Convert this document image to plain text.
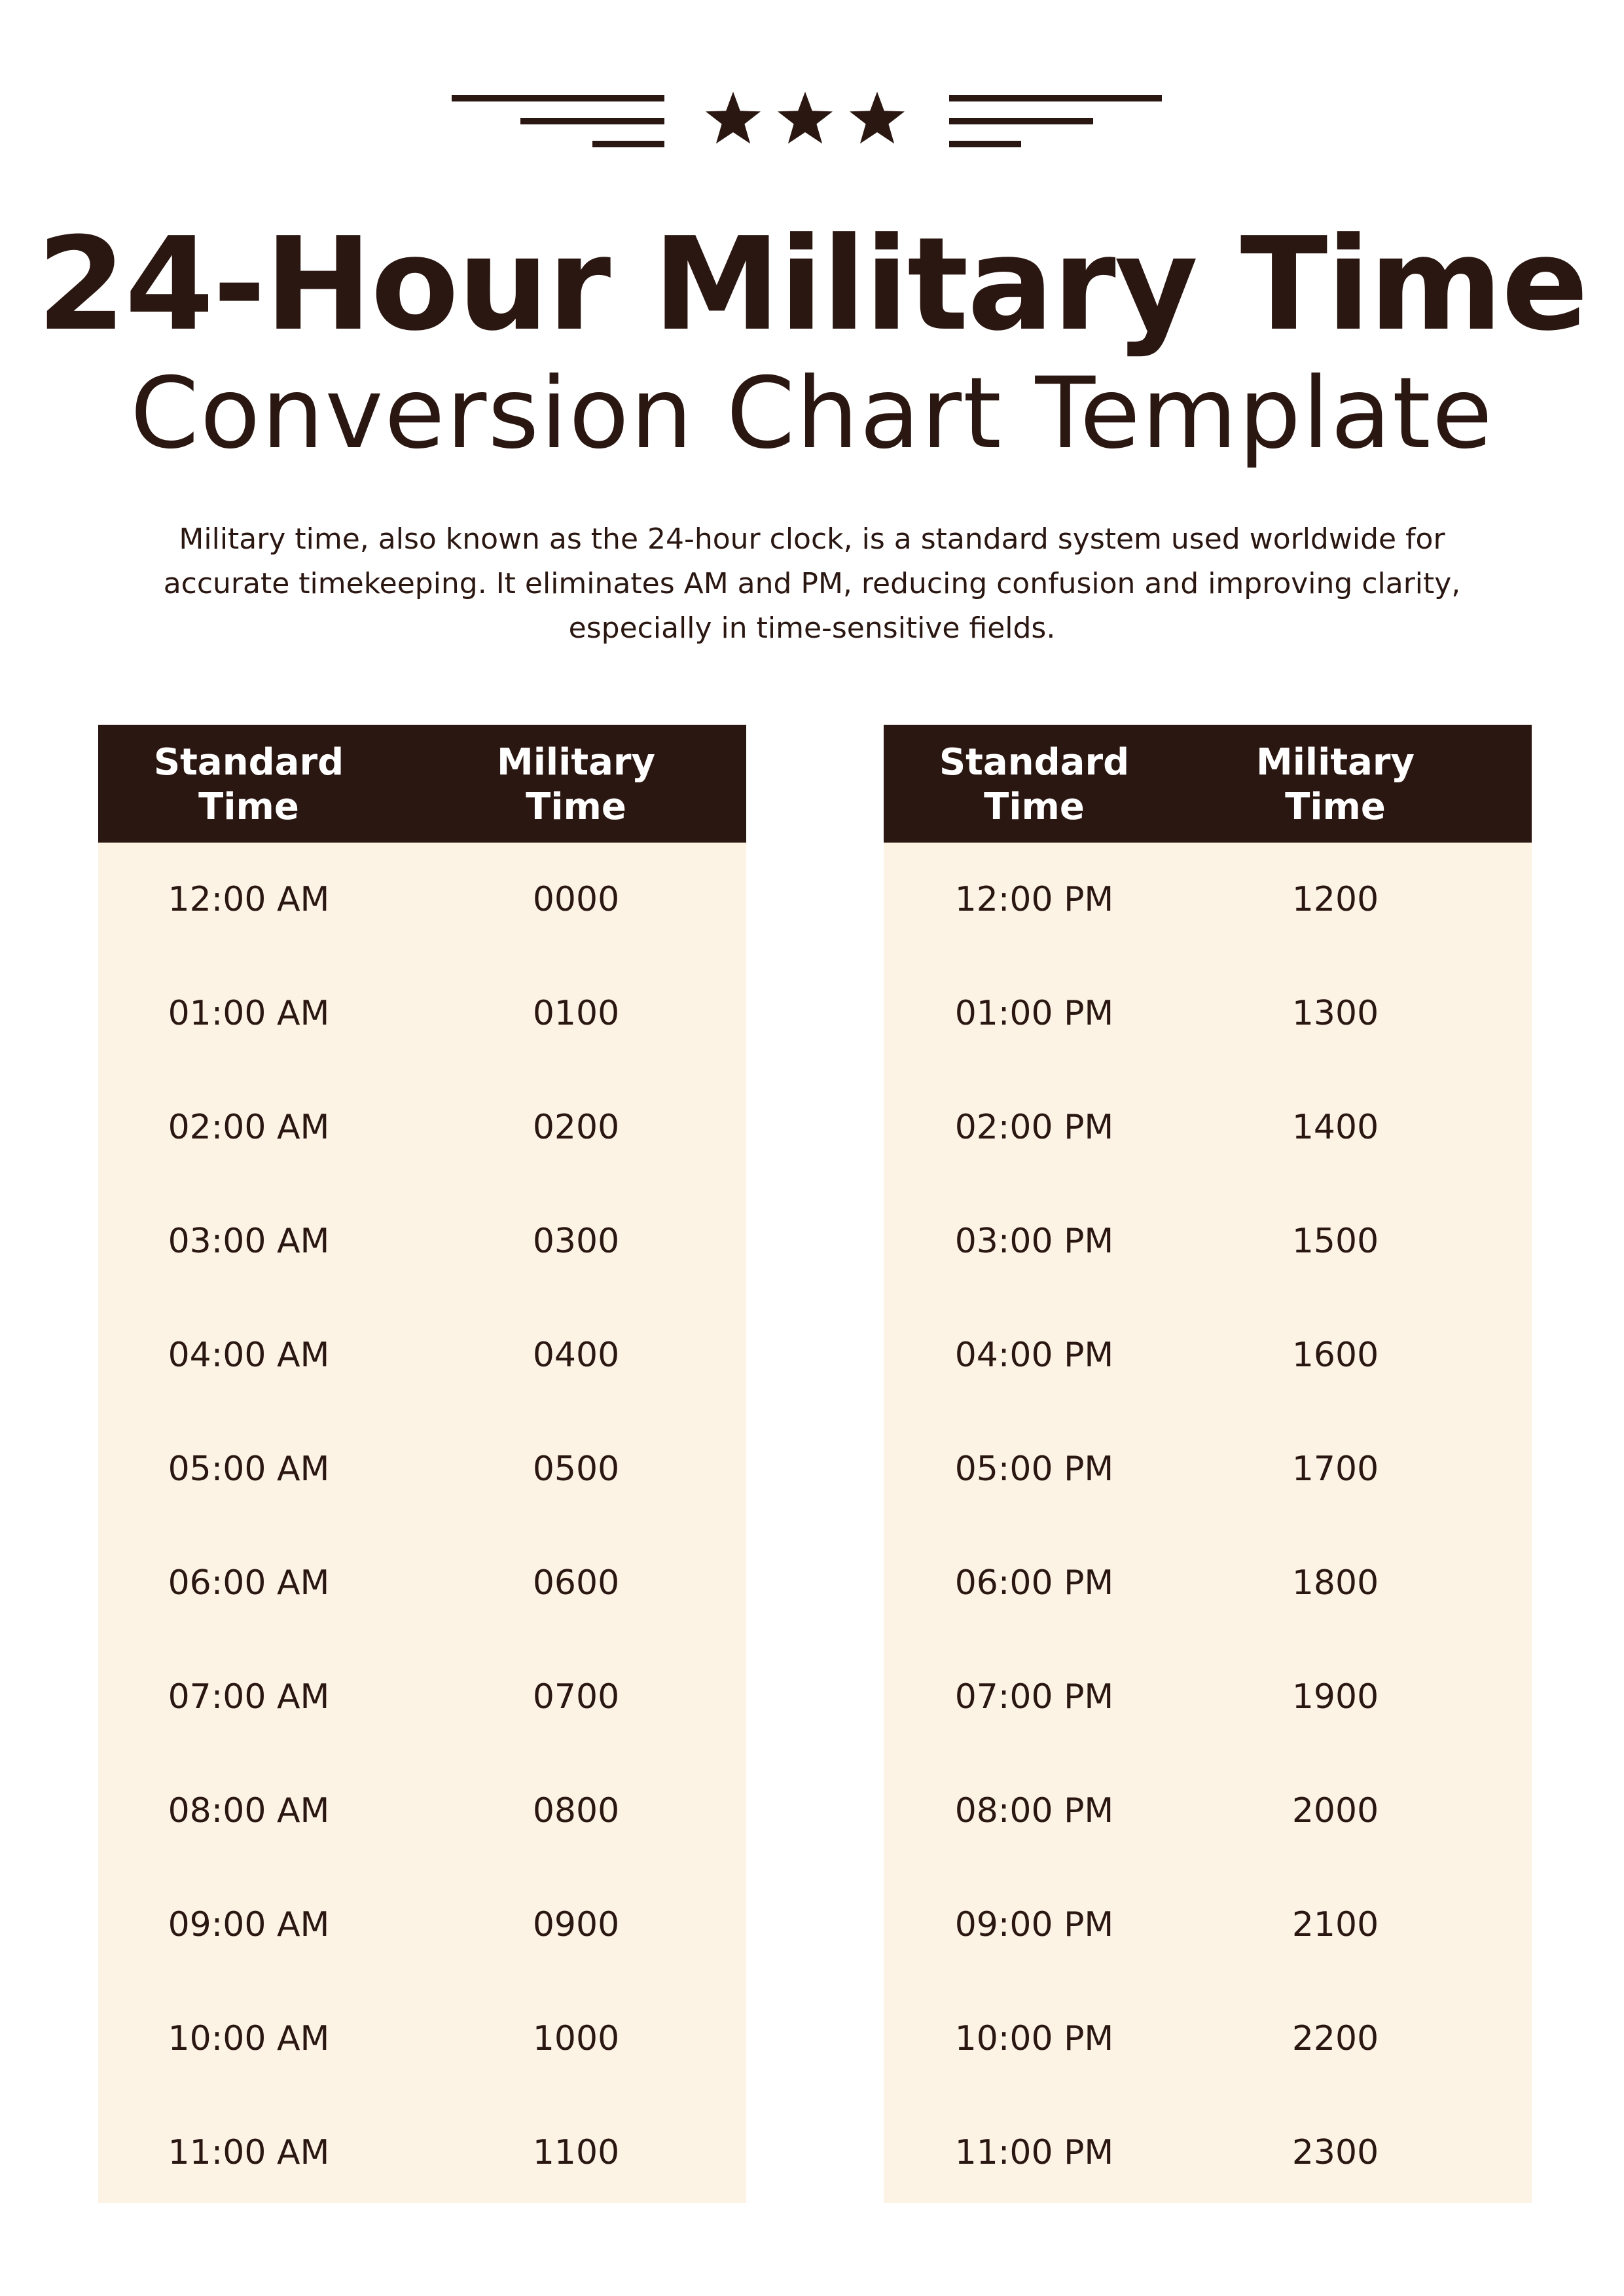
24-Hour Military Time
Conversion Chart Template
Military time, also known as the 24-hour clock, is a standard system used worldwide for accurate timekeeping. It eliminates AM and PM, reducing confusion and improving clarity, especially in time-sensitive fields.
Standard
Time
Military
Time
12:00 AM	0000
01:00 AM	0100
02:00 AM	0200
03:00 AM	0300
04:00 AM	0400
05:00 AM	0500
06:00 AM	0600
07:00 AM	0700
08:00 AM	0800
09:00 AM	0900
10:00 AM	1000
11:00 AM	1100
Standard
Time
Military
Time
12:00 PM	1200
01:00 PM	1300
02:00 PM	1400
03:00 PM	1500
04:00 PM	1600
05:00 PM	1700
06:00 PM	1800
07:00 PM	1900
08:00 PM	2000
09:00 PM	2100
10:00 PM	2200
11:00 PM	2300
